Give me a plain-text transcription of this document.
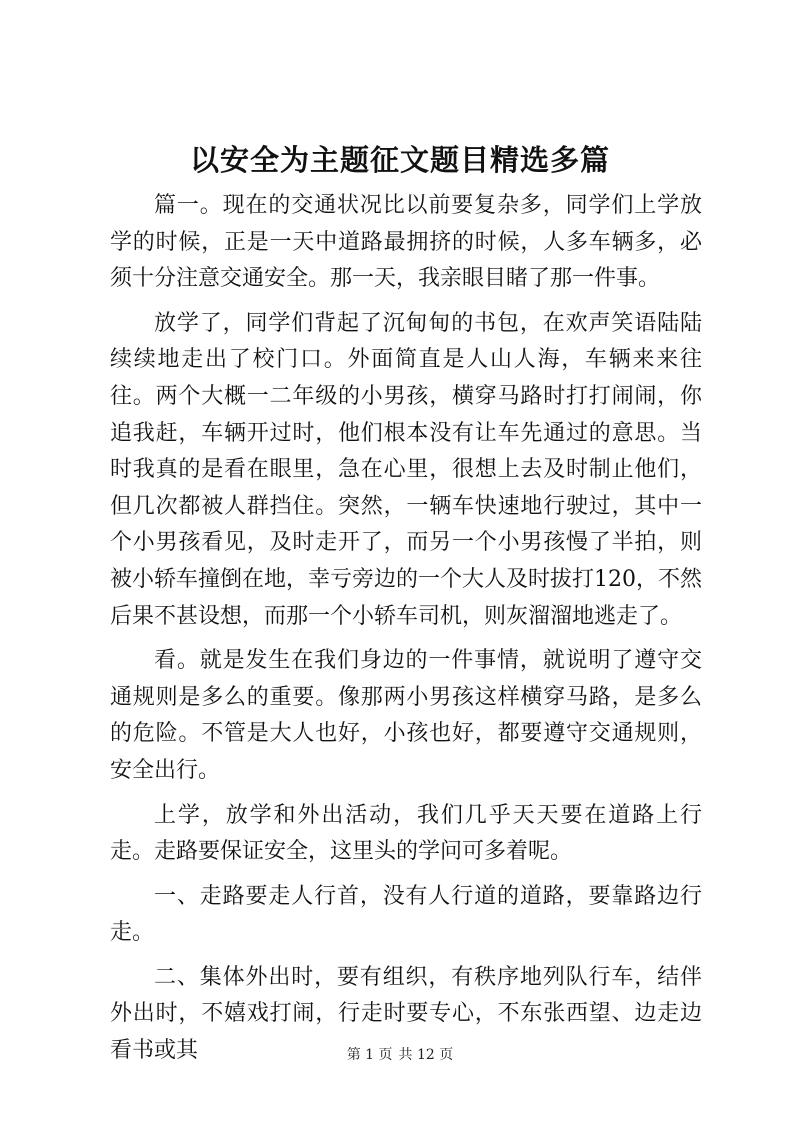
以安全为主题征文题目精选多篇

篇一。现在的交通状况比以前要复杂多，同学们上学放学的时候，正是一天中道路最拥挤的时候，人多车辆多，必须十分注意交通安全。那一天，我亲眼目睹了那一件事。

放学了，同学们背起了沉甸甸的书包，在欢声笑语陆陆续续地走出了校门口。外面简直是人山人海，车辆来来往往。两个大概一二年级的小男孩，横穿马路时打打闹闹，你追我赶，车辆开过时，他们根本没有让车先通过的意思。当时我真的是看在眼里，急在心里，很想上去及时制止他们，但几次都被人群挡住。突然，一辆车快速地行驶过，其中一个小男孩看见，及时走开了，而另一个小男孩慢了半拍，则被小轿车撞倒在地，幸亏旁边的一个大人及时拔打120，不然后果不甚设想，而那一个小轿车司机，则灰溜溜地逃走了。

看。就是发生在我们身边的一件事情，就说明了遵守交通规则是多么的重要。像那两小男孩这样横穿马路，是多么的危险。不管是大人也好，小孩也好，都要遵守交通规则，安全出行。

上学，放学和外出活动，我们几乎天天要在道路上行走。走路要保证安全，这里头的学问可多着呢。

一、走路要走人行首，没有人行道的道路，要靠路边行走。

二、集体外出时，要有组织，有秩序地列队行车，结伴外出时，不嬉戏打闹，行走时要专心，不东张西望、边走边看书或其	第 1 页 共 12 页
